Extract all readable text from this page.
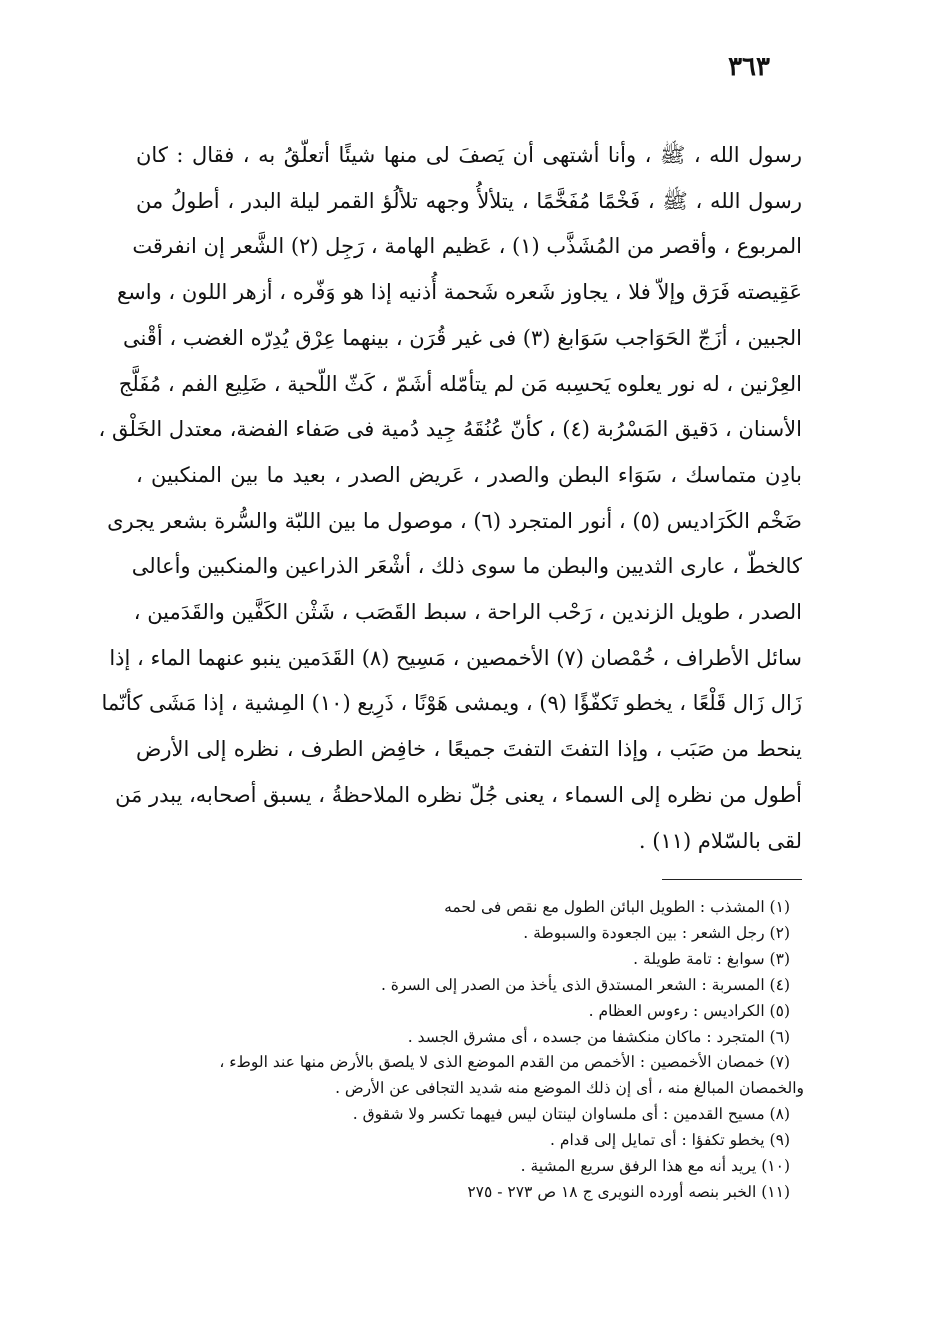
٣٦٣

رسول الله ، ﷺ ، وأنا أشتهى أن يَصفَ لى منها شيئًا أتعلّقُ به ، فقال : كان
رسول الله ، ﷺ ، فَخْمًا مُفَخَّمًا ، يتلألأُ وجهه تلألُؤ القمر ليلة البدر ، أطولُ من
المربوع ، وأقصر من المُشَذَّب (١) ، عَظيم الهامة ، رَجِل (٢) الشَّعر إن انفرقت
عَقِيصته فَرَق وإلاّ فلا ، يجاوز شَعره شَحمة أُذنيه إذا هو وَفّره ، أزهر اللون ، واسع
الجبين ، أزَجّ الحَوَاجب سَوَابغ (٣) فى غير قُرَن ، بينهما عِرْق يُدِرّه الغضب ، أقْنى
العِرْنين ، له نور يعلوه يَحسِبه مَن لم يتأمّله أشَمّ ، كَثّ اللّحية ، ضَلِيع الفم ، مُفَلَّج
الأسنان ، دَقيق المَسْرُبة (٤) ، كأنّ عُنُقَهُ جِيد دُمية فى صَفاء الفضة، معتدل الخَلْق ،
بادِن متماسك ، سَوَاء البطن والصدر ، عَريض الصدر ، بعيد ما بين المنكبين ،
ضَخْم الكَرَاديس (٥) ، أنور المتجرد (٦) ، موصول ما بين اللبّة والسُّرة بشعر يجرى
كالخطّ ، عارى الثديين والبطن ما سوى ذلك ، أشْعَر الذراعين والمنكبين وأعالى
الصدر ، طويل الزندين ، رَحْب الراحة ، سبط القَصَب ، شَثْن الكَفَّين والقَدَمين ،
سائل الأطراف ، خُمْصان (٧) الأخمصين ، مَسِيح (٨) القَدَمين ينبو عنهما الماء ، إذا
زَال زَال قَلْعًا ، يخطو تَكفّؤًا (٩) ، ويمشى هَوْنًا ، ذَرِيع (١٠) المِشية ، إذا مَشَى كأنّما
ينحط من صَبَب ، وإذا التفتَ التفتَ جميعًا ، خافِض الطرف ، نظره إلى الأرض
أطول من نظره إلى السماء ، يعنى جُلّ نظره الملاحظةُ ، يسبق أصحابه، يبدر مَن
لقى بالسّلام (١١) .

(١) المشذب : الطويل البائن الطول مع نقص فى لحمه
(٢) رجل الشعر : بين الجعودة والسبوطة .
(٣) سوابغ : تامة طويلة .
(٤) المسربة : الشعر المستدق الذى يأخذ من الصدر إلى السرة .
(٥) الكراديس : رءوس العظام .
(٦) المتجرد : ماكان منكشفا من جسده ، أى مشرق الجسد .
(٧) خمصان الأخمصين : الأخمص من القدم الموضع الذى لا يلصق بالأرض منها عند الوطء ،
والخمصان المبالغ منه ، أى إن ذلك الموضع منه شديد التجافى عن الأرض .
(٨) مسيح القدمين : أى ملساوان لينتان ليس فيهما تكسر ولا شقوق .
(٩) يخطو تكفؤا : أى تمايل إلى قدام .
(١٠) يريد أنه مع هذا الرفق سريع المشية .
(١١) الخبر بنصه أورده النويرى ج ١٨ ص ٢٧٣ - ٢٧٥
